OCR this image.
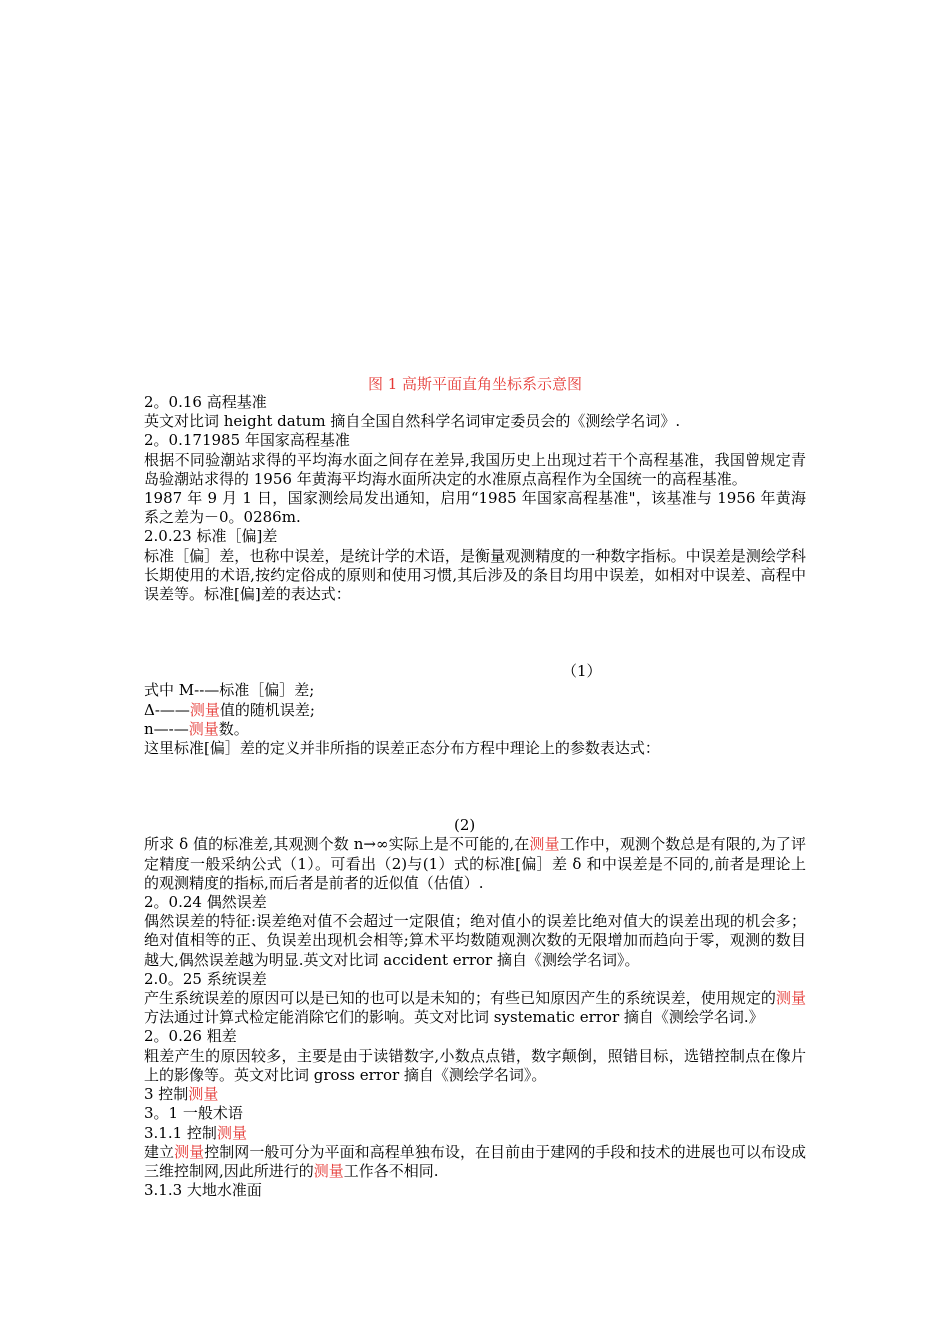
图 1 高斯平面直角坐标系示意图

2。0.16 高程基准

英文对比词 height datum 摘自全国自然科学名词审定委员会的《测绘学名词》.

2。0.171985 年国家高程基准

根据不同验潮站求得的平均海水面之间存在差异,我国历史上出现过若干个高程基准，我国曾规定青岛验潮站求得的 1956 年黄海平均海水面所决定的水准原点高程作为全国统一的高程基准。

1987 年 9 月 1 日，国家测绘局发出通知，启用“1985 年国家高程基准"，该基准与 1956 年黄海系之差为－0。0286m.

2.0.23 标准［偏]差

标准［偏］差，也称中误差，是统计学的术语，是衡量观测精度的一种数字指标。中误差是测绘学科长期使用的术语,按约定俗成的原则和使用习惯,其后涉及的条目均用中误差，如相对中误差、高程中误差等。标准[偏]差的表达式：

（1）

式中 M--—标准［偏］差;

Δ-——测量值的随机误差;

n—-—测量数。

这里标准[偏］差的定义并非所指的误差正态分布方程中理论上的参数表达式：

(2)

所求 δ 值的标准差,其观测个数 n→∞实际上是不可能的,在测量工作中，观测个数总是有限的,为了评定精度一般采纳公式（1）。可看出（2)与(1）式的标准[偏］差 δ 和中误差是不同的,前者是理论上的观测精度的指标,而后者是前者的近似值（估值）.

2。0.24 偶然误差

偶然误差的特征:误差绝对值不会超过一定限值；绝对值小的误差比绝对值大的误差出现的机会多；绝对值相等的正、负误差出现机会相等;算术平均数随观测次数的无限增加而趋向于零，观测的数目越大,偶然误差越为明显.英文对比词 accident error 摘自《测绘学名词》。

2.0。25 系统误差

产生系统误差的原因可以是已知的也可以是未知的；有些已知原因产生的系统误差，使用规定的测量方法通过计算式检定能消除它们的影响。英文对比词 systematic error 摘自《测绘学名词.》

2。0.26 粗差

粗差产生的原因较多，主要是由于读错数字,小数点点错，数字颠倒，照错目标，选错控制点在像片上的影像等。英文对比词 gross error 摘自《测绘学名词》。

3 控制测量

3。1 一般术语

3.1.1 控制测量

建立测量控制网一般可分为平面和高程单独布设，在目前由于建网的手段和技术的进展也可以布设成三维控制网,因此所进行的测量工作各不相同.

3.1.3 大地水准面
